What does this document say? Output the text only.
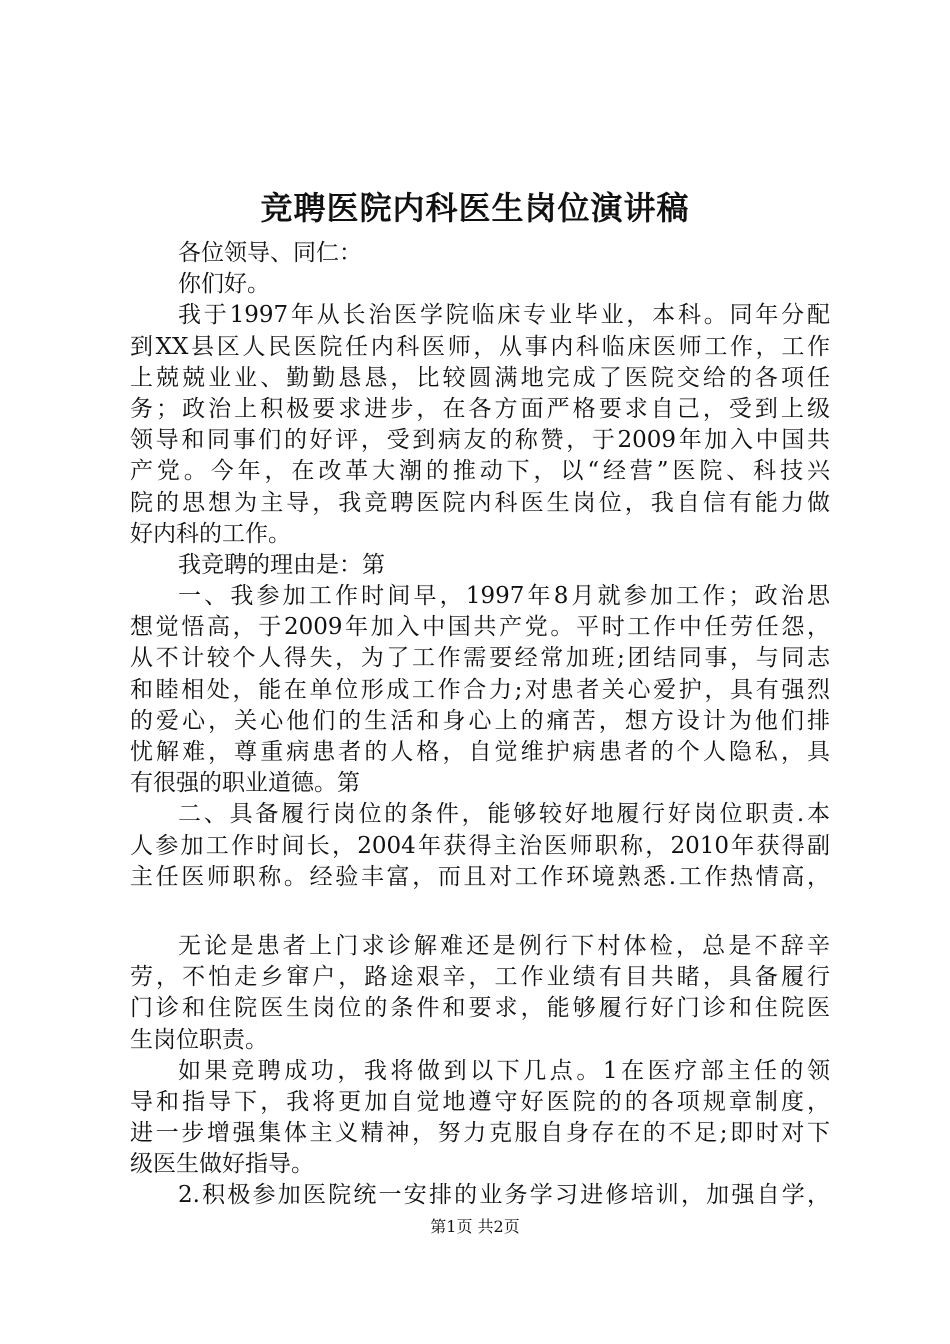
竞聘医院内科医生岗位演讲稿
各位领导、同仁：
你们好。
我于1997年从长治医学院临床专业毕业，本科。同年分配
到XX县区人民医院任内科医师，从事内科临床医师工作，工作
上兢兢业业、勤勤恳恳，比较圆满地完成了医院交给的各项任
务；政治上积极要求进步，在各方面严格要求自己，受到上级
领导和同事们的好评，受到病友的称赞，于2009年加入中国共
产党。今年，在改革大潮的推动下，以“经营”医院、科技兴
院的思想为主导，我竞聘医院内科医生岗位，我自信有能力做
好内科的工作。
我竞聘的理由是：第
一、我参加工作时间早，1997年8月就参加工作；政治思
想觉悟高，于2009年加入中国共产党。平时工作中任劳任怨，
从不计较个人得失，为了工作需要经常加班;团结同事，与同志
和睦相处，能在单位形成工作合力;对患者关心爱护，具有强烈
的爱心，关心他们的生活和身心上的痛苦，想方设计为他们排
忧解难，尊重病患者的人格，自觉维护病患者的个人隐私，具
有很强的职业道德。第
二、具备履行岗位的条件，能够较好地履行好岗位职责.本
人参加工作时间长，2004年获得主治医师职称，2010年获得副
主任医师职称。经验丰富，而且对工作环境熟悉.工作热情高，
无论是患者上门求诊解难还是例行下村体检，总是不辞辛
劳，不怕走乡窜户，路途艰辛，工作业绩有目共睹，具备履行
门诊和住院医生岗位的条件和要求，能够履行好门诊和住院医
生岗位职责。
如果竞聘成功，我将做到以下几点。1在医疗部主任的领
导和指导下，我将更加自觉地遵守好医院的的各项规章制度，
进一步增强集体主义精神，努力克服自身存在的不足;即时对下
级医生做好指导。
2.积极参加医院统一安排的业务学习进修培训，加强自学，
第1页 共2页
